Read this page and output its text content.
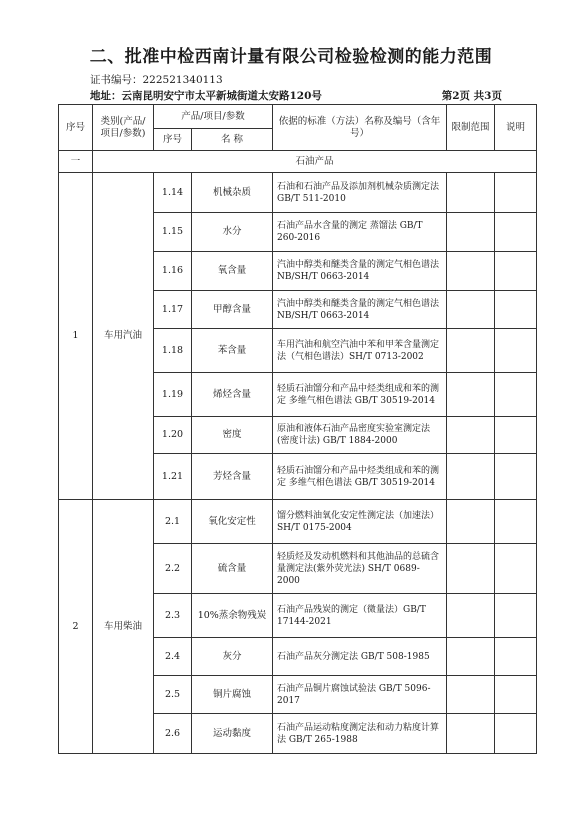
二、批准中检西南计量有限公司检验检测的能力范围
证书编号：222521340113
地址：云南昆明安宁市太平新城街道太安路120号	第2页 共3页
序号	类别(产品/项目/参数)	产品/项目/参数		依据的标准（方法）名称及编号（含年号）	限制范围	说明
		序号	名 称			
一	石油产品					
1	车用汽油	1.14	机械杂质	石油和石油产品及添加剂机械杂质测定法 GB/T 511-2010		
		1.15	水分	石油产品水含量的测定 蒸馏法 GB/T 260-2016		
		1.16	氧含量	汽油中醇类和醚类含量的测定气相色谱法 NB/SH/T 0663-2014		
		1.17	甲醇含量	汽油中醇类和醚类含量的测定气相色谱法 NB/SH/T 0663-2014		
		1.18	苯含量	车用汽油和航空汽油中苯和甲苯含量测定法（气相色谱法）SH/T 0713-2002		
		1.19	烯烃含量	轻质石油馏分和产品中烃类组成和苯的测定 多维气相色谱法 GB/T 30519-2014		
		1.20	密度	原油和液体石油产品密度实验室测定法(密度计法) GB/T 1884-2000		
		1.21	芳烃含量	轻质石油馏分和产品中烃类组成和苯的测定 多维气相色谱法 GB/T 30519-2014		
2	车用柴油	2.1	氧化安定性	馏分燃料油氧化安定性测定法（加速法）SH/T 0175-2004		
		2.2	硫含量	轻质烃及发动机燃料和其他油品的总硫含量测定法(紫外荧光法) SH/T 0689-2000		
		2.3	10%蒸余物残炭	石油产品残炭的测定（微量法）GB/T 17144-2021		
		2.4	灰分	石油产品灰分测定法 GB/T 508-1985		
		2.5	铜片腐蚀	石油产品铜片腐蚀试验法 GB/T 5096-2017		
		2.6	运动黏度	石油产品运动粘度测定法和动力粘度计算法 GB/T 265-1988		
